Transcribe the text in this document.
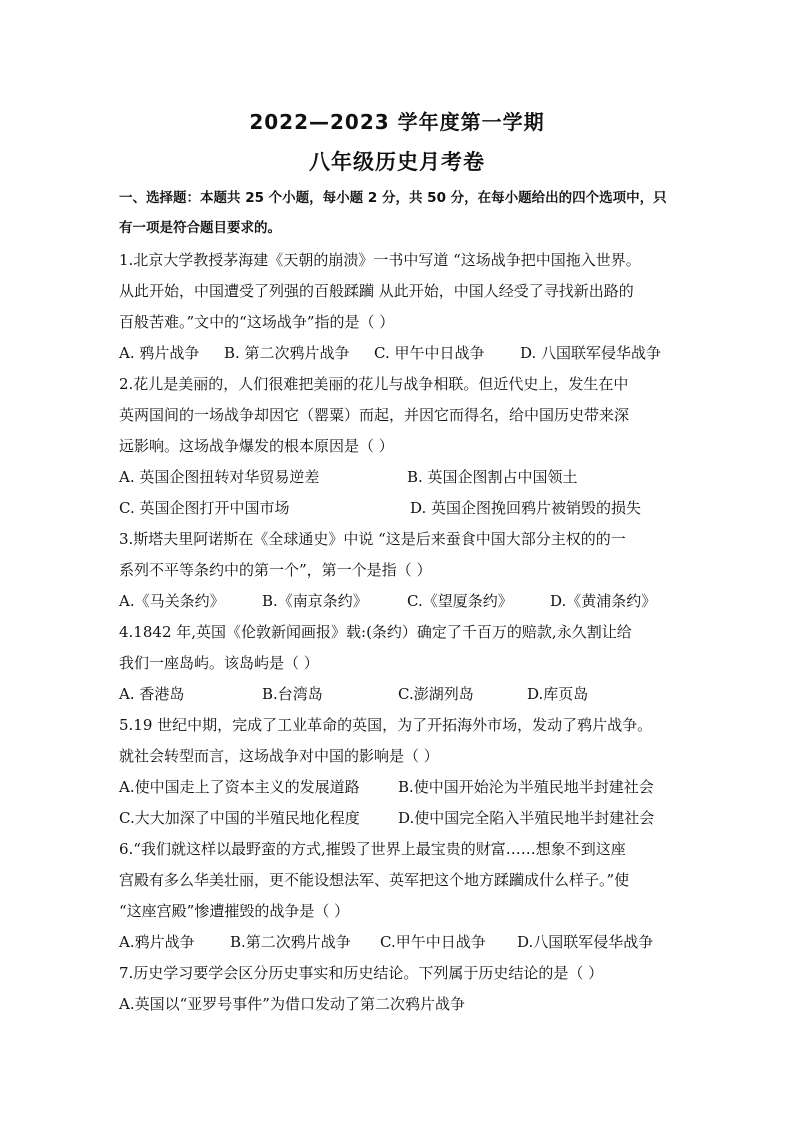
2022—2023 学年度第一学期
八年级历史月考卷
一、选择题：本题共 25 个小题，每小题 2 分，共 50 分，在每小题给出的四个选项中，只
有一项是符合题目要求的。
1.北京大学教授茅海建《天朝的崩溃》一书中写道 “这场战争把中国拖入世界。
从此开始，中国遭受了列强的百般蹂躏 从此开始，中国人经受了寻找新出路的
百般苦难。”文中的“这场战争”指的是（ ）
A. 鸦片战争 B. 第二次鸦片战争 C. 甲午中日战争 D. 八国联军侵华战争
2.花儿是美丽的，人们很难把美丽的花儿与战争相联。但近代史上，发生在中
英两国间的一场战争却因它（罂粟）而起，并因它而得名，给中国历史带来深
远影响。这场战争爆发的根本原因是（ ）
A. 英国企图扭转对华贸易逆差	B. 英国企图割占中国领土
C. 英国企图打开中国市场	D. 英国企图挽回鸦片被销毁的损失
3.斯塔夫里阿诺斯在《全球通史》中说 “这是后来蚕食中国大部分主权的的一
系列不平等条约中的第一个”，第一个是指（ ）
A.《马关条约》 B.《南京条约》	C.《望厦条约》 D.《黄浦条约》
4.1842 年,英国《伦敦新闻画报》载:(条约）确定了千百万的赔款,永久割让给
我们一座岛屿。该岛屿是（ ）
A. 香港岛	B.台湾岛	C.澎湖列岛	D.库页岛
5.19 世纪中期，完成了工业革命的英国，为了开拓海外市场，发动了鸦片战争。
就社会转型而言，这场战争对中国的影响是（ ）
A.使中国走上了资本主义的发展道路	B.使中国开始沦为半殖民地半封建社会
C.大大加深了中国的半殖民地化程度	D.使中国完全陷入半殖民地半封建社会
6.“我们就这样以最野蛮的方式,摧毁了世界上最宝贵的财富……想象不到这座
宫殿有多么华美壮丽，更不能设想法军、英军把这个地方蹂躏成什么样子。”使
“这座宫殿”惨遭摧毁的战争是（ ）
A.鸦片战争 B.第二次鸦片战争 C.甲午中日战争 D.八国联军侵华战争
7.历史学习要学会区分历史事实和历史结论。下列属于历史结论的是（ ）
A.英国以“亚罗号事件”为借口发动了第二次鸦片战争
